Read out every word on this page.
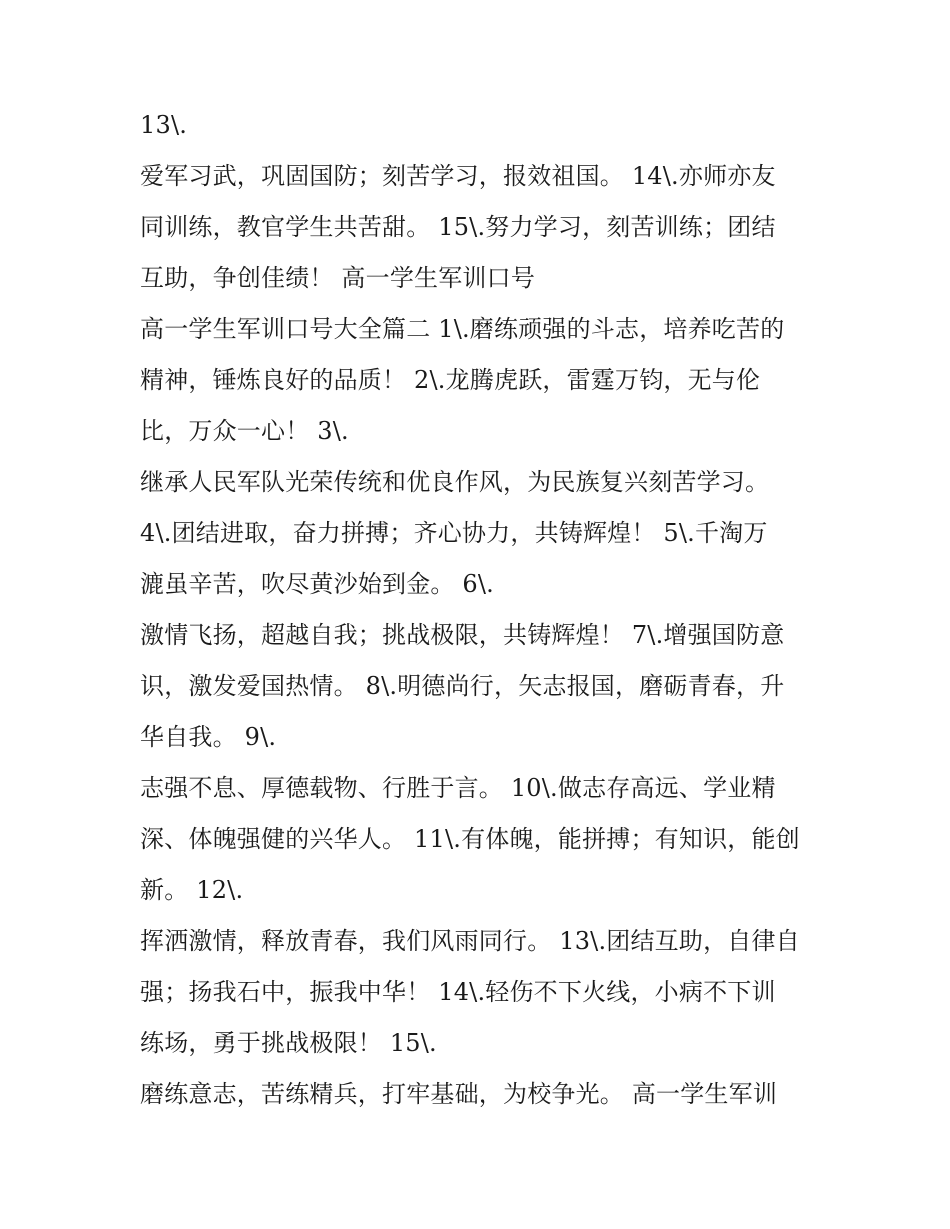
13\.
爱军习武，巩固国防；刻苦学习，报效祖国。 14\.亦师亦友
同训练，教官学生共苦甜。 15\.努力学习，刻苦训练；团结
互助，争创佳绩！ 高一学生军训口号
高一学生军训口号大全篇二 1\.磨练顽强的斗志，培养吃苦的
精神，锤炼良好的品质！ 2\.龙腾虎跃，雷霆万钧，无与伦
比，万众一心！ 3\.
继承人民军队光荣传统和优良作风，为民族复兴刻苦学习。
4\.团结进取，奋力拼搏；齐心协力，共铸辉煌！ 5\.千淘万
漉虽辛苦，吹尽黄沙始到金。 6\.
激情飞扬，超越自我；挑战极限，共铸辉煌！ 7\.增强国防意
识，激发爱国热情。 8\.明德尚行，矢志报国，磨砺青春，升
华自我。 9\.
志强不息、厚德载物、行胜于言。 10\.做志存高远、学业精
深、体魄强健的兴华人。 11\.有体魄，能拼搏；有知识，能创
新。 12\.
挥洒激情，释放青春，我们风雨同行。 13\.团结互助，自律自
强；扬我石中，振我中华！ 14\.轻伤不下火线，小病不下训
练场，勇于挑战极限！ 15\.
磨练意志，苦练精兵，打牢基础，为校争光。 高一学生军训
